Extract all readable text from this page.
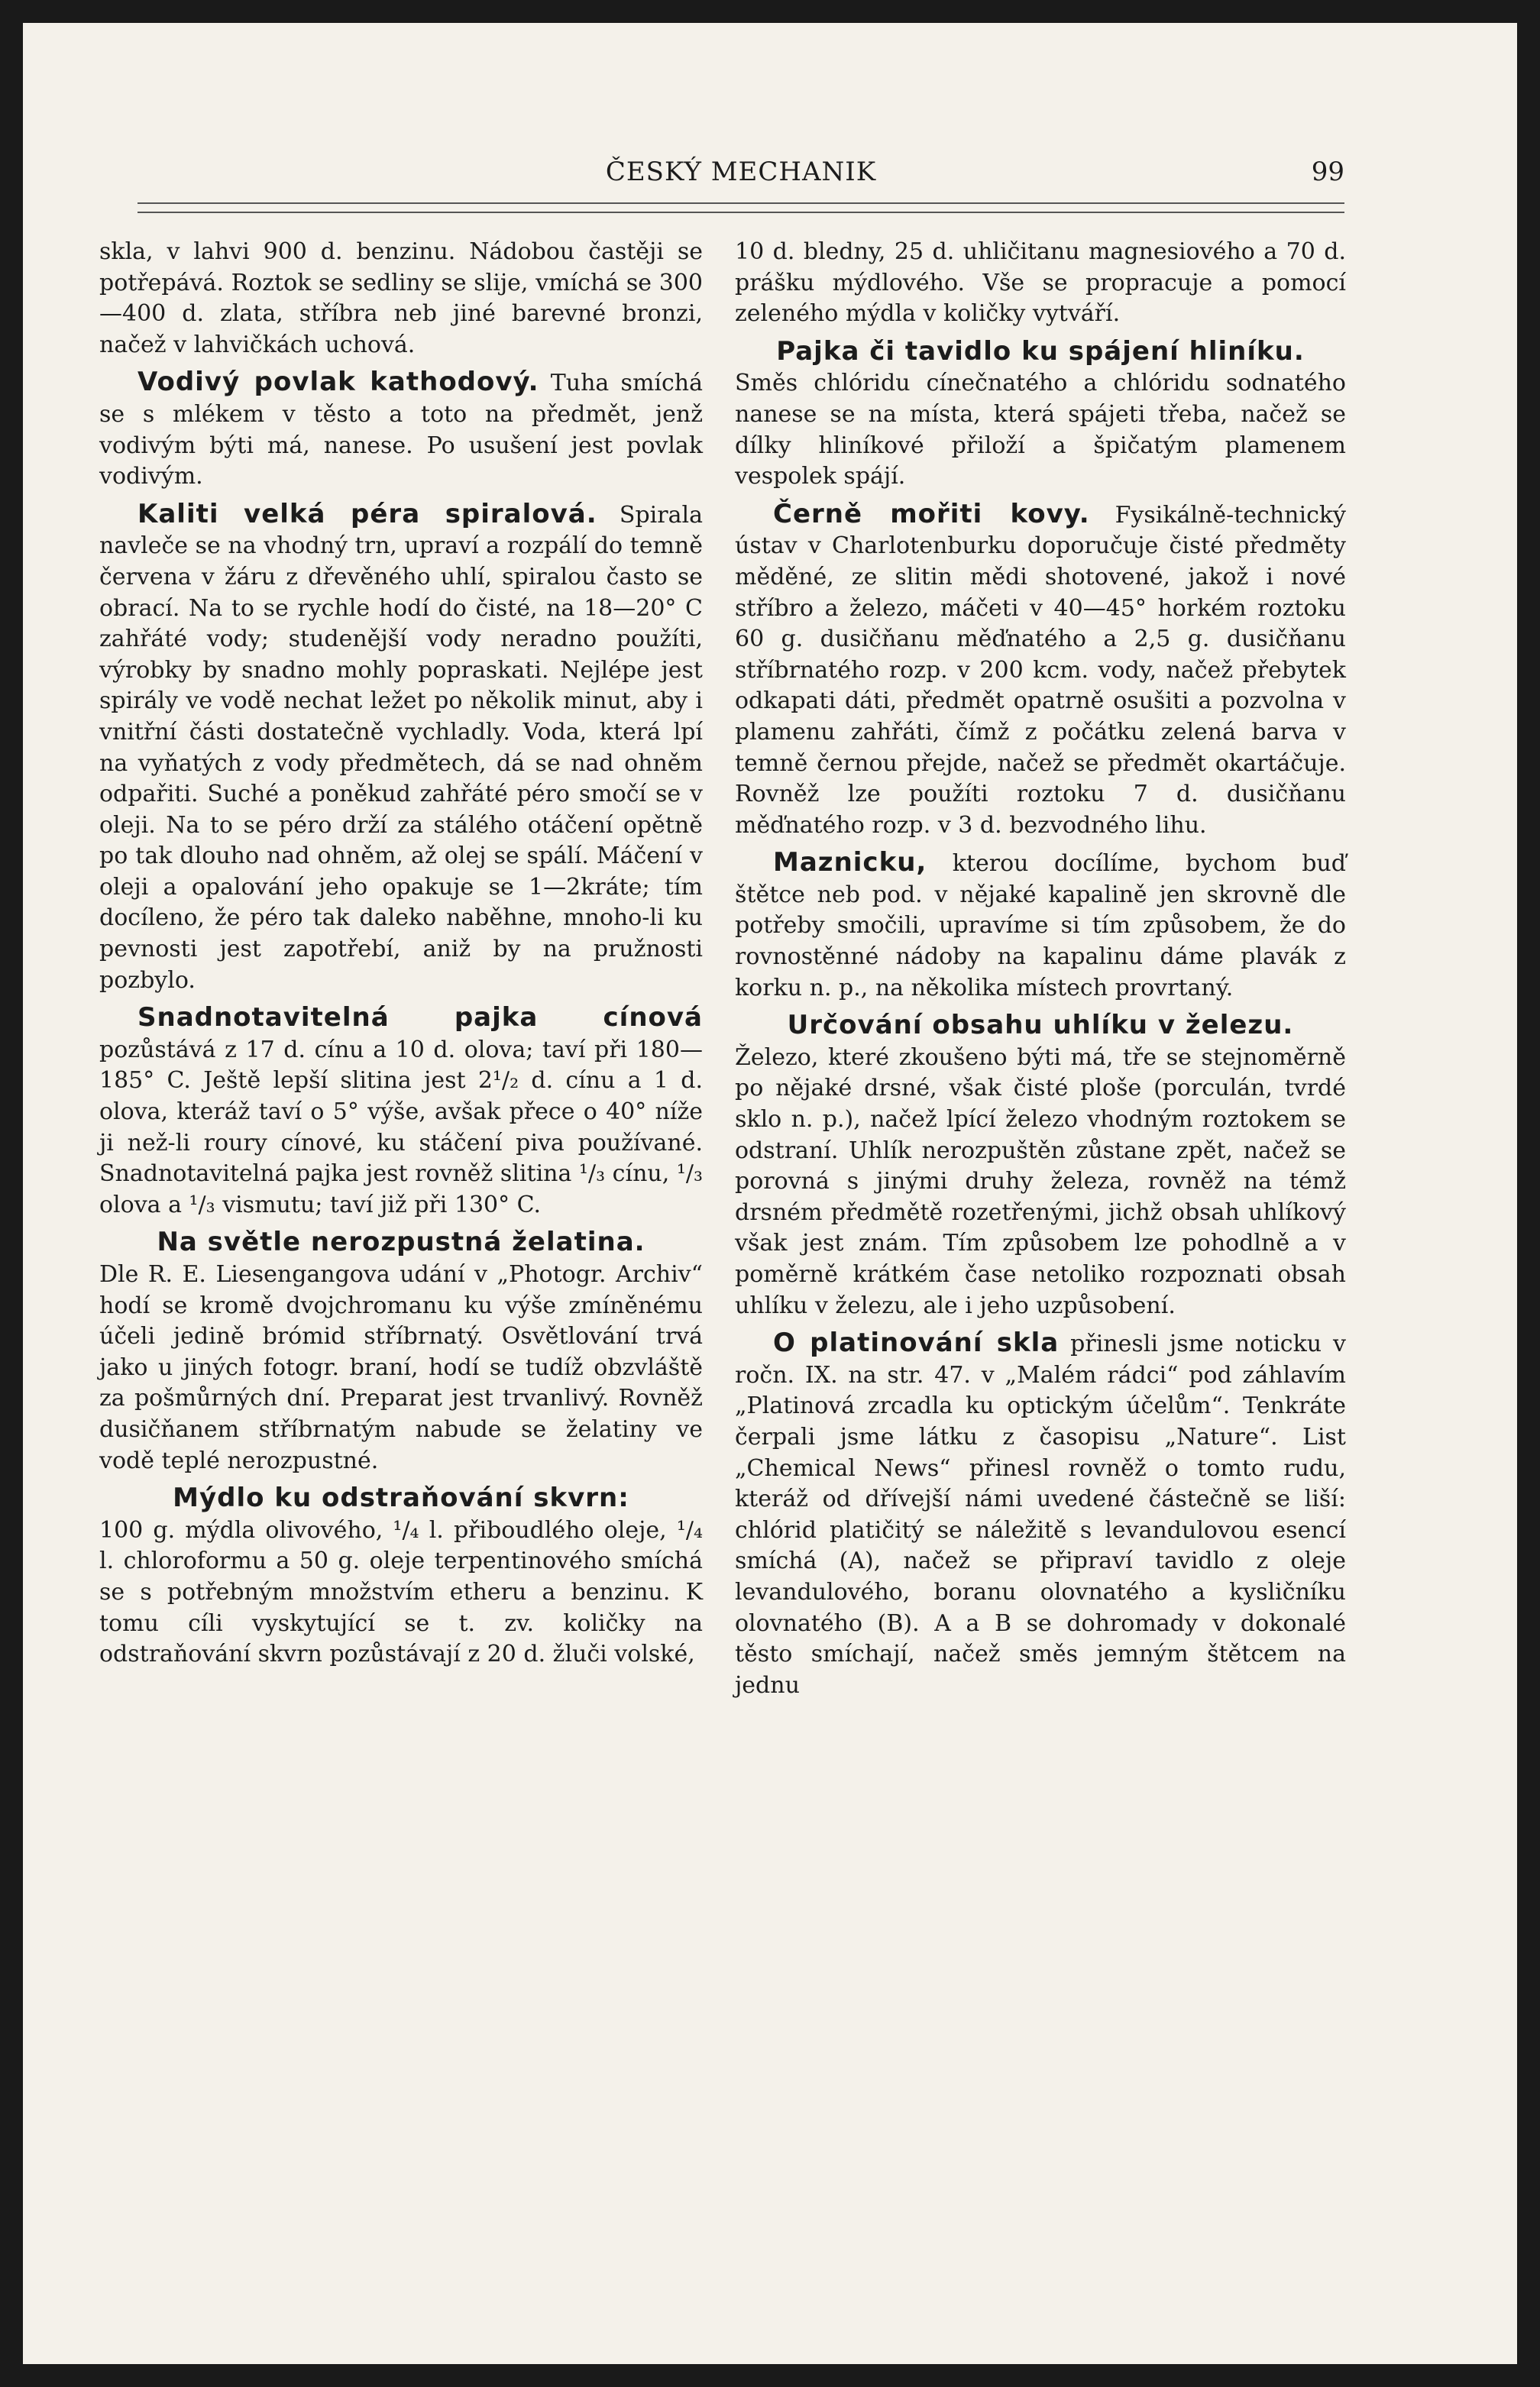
ČESKÝ MECHANIK	99

skla, v lahvi 900 d. benzinu. Nádobou častěji se potřepává. Roztok se sedliny se slije, vmíchá se 300—400 d. zlata, stříbra neb jiné barevné bronzi, načež v lahvičkách uchová.

Vodivý povlak kathodový. Tuha smíchá se s mlékem v těsto a toto na předmět, jenž vodivým býti má, nanese. Po usušení jest povlak vodivým.

Kaliti velká péra spiralová. Spirala navleče se na vhodný trn, upraví a rozpálí do temně červena v žáru z dřevěného uhlí, spiralou často se obrací. Na to se rychle hodí do čisté, na 18—20° C zahřáté vody; studenější vody neradno použíti, výrobky by snadno mohly popraskati. Nejlépe jest spirály ve vodě nechat ležet po několik minut, aby i vnitřní části dostatečně vychladly. Voda, která lpí na vyňatých z vody předmětech, dá se nad ohněm odpařiti. Suché a poněkud zahřáté péro smočí se v oleji. Na to se péro drží za stálého otáčení opětně po tak dlouho nad ohněm, až olej se spálí. Máčení v oleji a opalování jeho opakuje se 1—2kráte; tím docíleno, že péro tak daleko naběhne, mnoho-li ku pevnosti jest zapotřebí, aniž by na pružnosti pozbylo.

Snadnotavitelná pajka cínová pozůstává z 17 d. cínu a 10 d. olova; taví při 180—185° C. Ještě lepší slitina jest 2¹/₂ d. cínu a 1 d. olova, kteráž taví o 5° výše, avšak přece o 40° níže ji než-li roury cínové, ku stáčení piva používané. Snadnotavitelná pajka jest rovněž slitina ¹/₃ cínu, ¹/₃ olova a ¹/₃ vismutu; taví již při 130° C.

Na světle nerozpustná želatina.

Dle R. E. Liesengangova udání v „Photogr. Archiv“ hodí se kromě dvojchromanu ku výše zmíněnému účeli jedině brómid stříbrnatý. Osvětlování trvá jako u jiných fotogr. braní, hodí se tudíž obzvláště za pošmůrných dní. Preparat jest trvanlivý. Rovněž dusičňanem stříbrnatým nabude se želatiny ve vodě teplé nerozpustné.

Mýdlo ku odstraňování skvrn:

100 g. mýdla olivového, ¹/₄ l. přiboudlého oleje, ¹/₄ l. chloroformu a 50 g. oleje terpentinového smíchá se s potřebným množstvím etheru a benzinu. K tomu cíli vyskytující se t. zv. količky na odstraňování skvrn pozůstávají z 20 d. žluči volské,

10 d. bledny, 25 d. uhličitanu magnesiového a 70 d. prášku mýdlového. Vše se propracuje a pomocí zeleného mýdla v količky vytváří.

Pajka či tavidlo ku spájení hliníku.

Směs chlóridu cínečnatého a chlóridu sodnatého nanese se na místa, která spájeti třeba, načež se dílky hliníkové přiloží a špičatým plamenem vespolek spájí.

Černě mořiti kovy. Fysikálně-technický ústav v Charlotenburku doporučuje čisté předměty měděné, ze slitin mědi shotovené, jakož i nové stříbro a železo, máčeti v 40—45° horkém roztoku 60 g. dusičňanu měďnatého a 2,5 g. dusičňanu stříbrnatého rozp. v 200 kcm. vody, načež přebytek odkapati dáti, předmět opatrně osušiti a pozvolna v plamenu zahřáti, čímž z počátku zelená barva v temně černou přejde, načež se předmět okartáčuje. Rovněž lze použíti roztoku 7 d. dusičňanu měďnatého rozp. v 3 d. bezvodného lihu.

Maznicku, kterou docílíme, bychom buď štětce neb pod. v nějaké kapalině jen skrovně dle potřeby smočili, upravíme si tím způsobem, že do rovnostěnné nádoby na kapalinu dáme plavák z korku n. p., na několika místech provrtaný.

Určování obsahu uhlíku v železu.

Železo, které zkoušeno býti má, tře se stejnoměrně po nějaké drsné, však čisté ploše (porculán, tvrdé sklo n. p.), načež lpící železo vhodným roztokem se odstraní. Uhlík nerozpuštěn zůstane zpět, načež se porovná s jinými druhy železa, rovněž na témž drsném předmětě rozetřenými, jichž obsah uhlíkový však jest znám. Tím způsobem lze pohodlně a v poměrně krátkém čase netoliko rozpoznati obsah uhlíku v železu, ale i jeho uzpůsobení.

O platinování skla přinesli jsme noticku v ročn. IX. na str. 47. v „Malém rádci“ pod záhlavím „Platinová zrcadla ku optickým účelům“. Tenkráte čerpali jsme látku z časopisu „Nature“. List „Chemical News“ přinesl rovněž o tomto rudu, kteráž od dřívejší námi uvedené částečně se liší: chlórid platičitý se náležitě s levandulovou esencí smíchá (A), načež se připraví tavidlo z oleje levandulového, boranu olovnatého a kysličníku olovnatého (B). A a B se dohromady v dokonalé těsto smíchají, načež směs jemným štětcem na jednu
